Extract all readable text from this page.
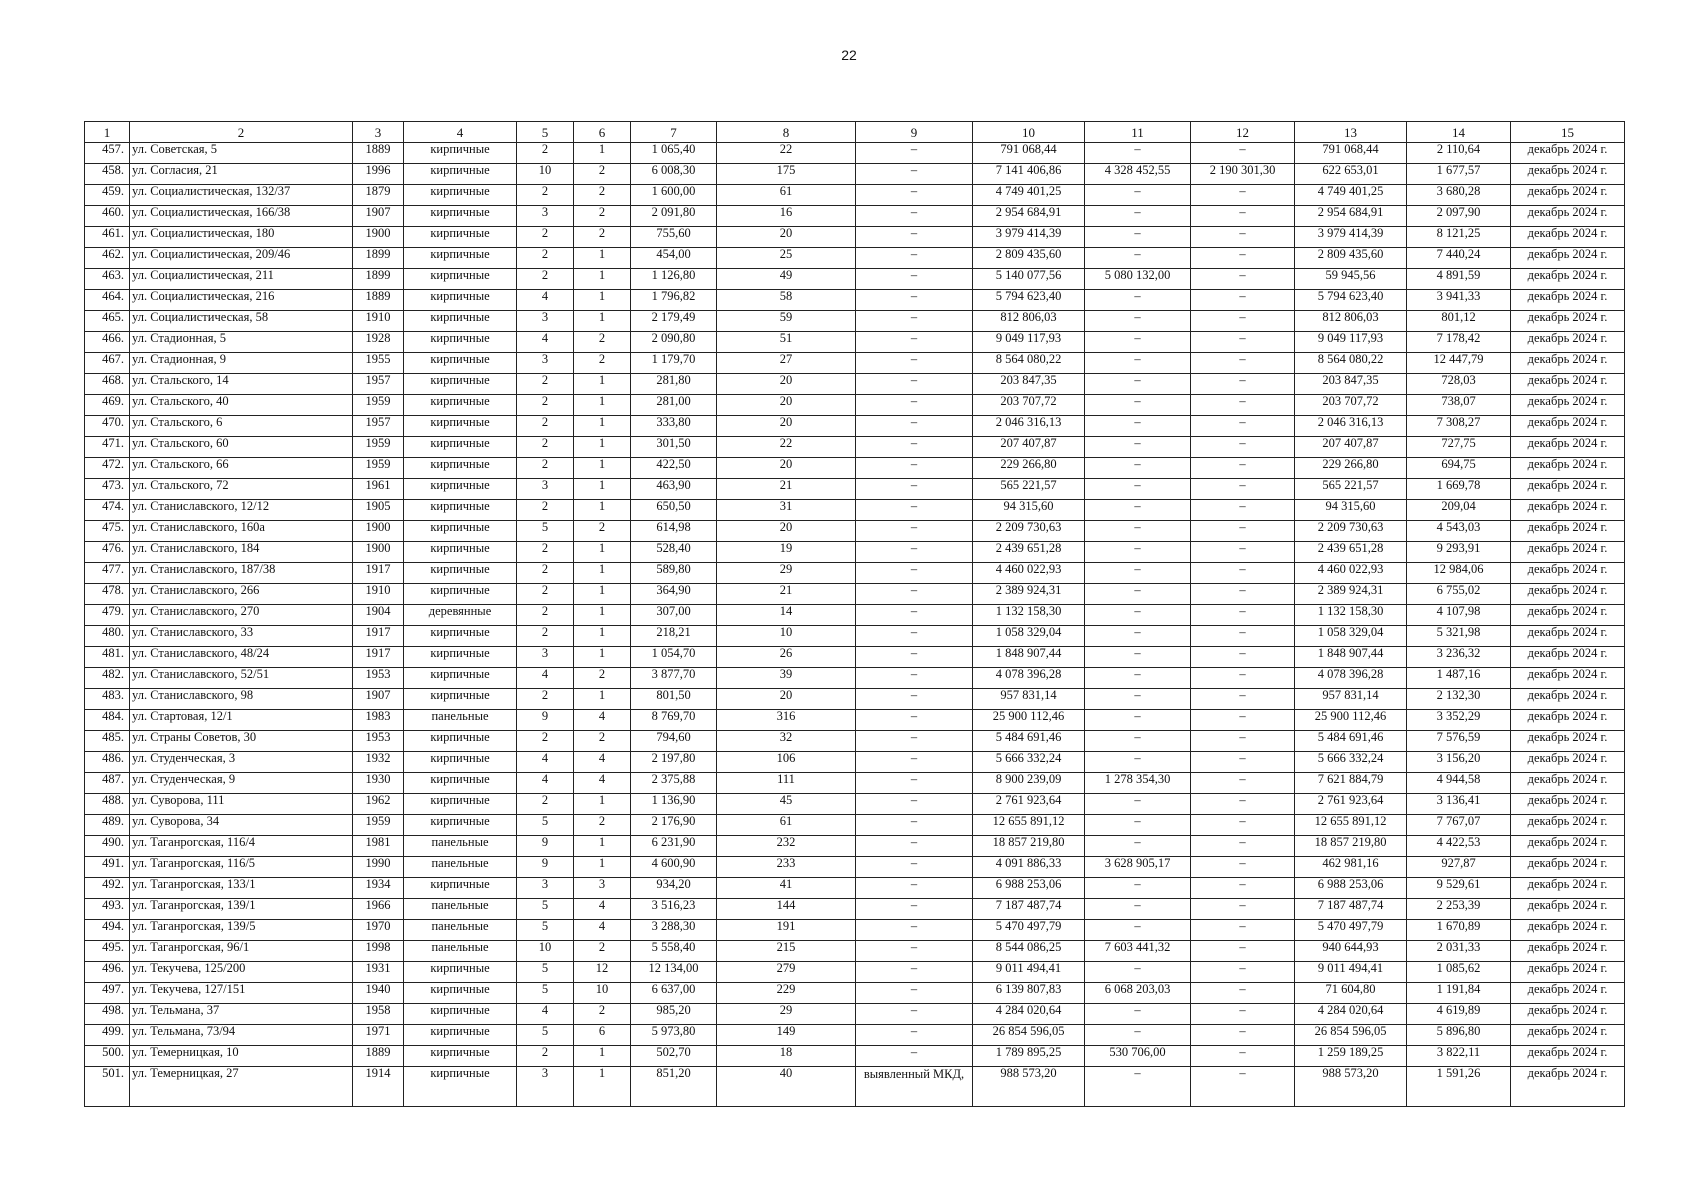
22
1	2	3	4	5	6	7	8	9	10	11	12	13	14	15
457.	ул. Советская, 5	1889	кирпичные	2	1	1 065,40	22	–	791 068,44	–	–	791 068,44	2 110,64	декабрь 2024 г.
458.	ул. Согласия, 21	1996	кирпичные	10	2	6 008,30	175	–	7 141 406,86	4 328 452,55	2 190 301,30	622 653,01	1 677,57	декабрь 2024 г.
459.	ул. Социалистическая, 132/37	1879	кирпичные	2	2	1 600,00	61	–	4 749 401,25	–	–	4 749 401,25	3 680,28	декабрь 2024 г.
460.	ул. Социалистическая, 166/38	1907	кирпичные	3	2	2 091,80	16	–	2 954 684,91	–	–	2 954 684,91	2 097,90	декабрь 2024 г.
461.	ул. Социалистическая, 180	1900	кирпичные	2	2	755,60	20	–	3 979 414,39	–	–	3 979 414,39	8 121,25	декабрь 2024 г.
462.	ул. Социалистическая, 209/46	1899	кирпичные	2	1	454,00	25	–	2 809 435,60	–	–	2 809 435,60	7 440,24	декабрь 2024 г.
463.	ул. Социалистическая, 211	1899	кирпичные	2	1	1 126,80	49	–	5 140 077,56	5 080 132,00	–	59 945,56	4 891,59	декабрь 2024 г.
464.	ул. Социалистическая, 216	1889	кирпичные	4	1	1 796,82	58	–	5 794 623,40	–	–	5 794 623,40	3 941,33	декабрь 2024 г.
465.	ул. Социалистическая, 58	1910	кирпичные	3	1	2 179,49	59	–	812 806,03	–	–	812 806,03	801,12	декабрь 2024 г.
466.	ул. Стадионная, 5	1928	кирпичные	4	2	2 090,80	51	–	9 049 117,93	–	–	9 049 117,93	7 178,42	декабрь 2024 г.
467.	ул. Стадионная, 9	1955	кирпичные	3	2	1 179,70	27	–	8 564 080,22	–	–	8 564 080,22	12 447,79	декабрь 2024 г.
468.	ул. Стальского, 14	1957	кирпичные	2	1	281,80	20	–	203 847,35	–	–	203 847,35	728,03	декабрь 2024 г.
469.	ул. Стальского, 40	1959	кирпичные	2	1	281,00	20	–	203 707,72	–	–	203 707,72	738,07	декабрь 2024 г.
470.	ул. Стальского, 6	1957	кирпичные	2	1	333,80	20	–	2 046 316,13	–	–	2 046 316,13	7 308,27	декабрь 2024 г.
471.	ул. Стальского, 60	1959	кирпичные	2	1	301,50	22	–	207 407,87	–	–	207 407,87	727,75	декабрь 2024 г.
472.	ул. Стальского, 66	1959	кирпичные	2	1	422,50	20	–	229 266,80	–	–	229 266,80	694,75	декабрь 2024 г.
473.	ул. Стальского, 72	1961	кирпичные	3	1	463,90	21	–	565 221,57	–	–	565 221,57	1 669,78	декабрь 2024 г.
474.	ул. Станиславского, 12/12	1905	кирпичные	2	1	650,50	31	–	94 315,60	–	–	94 315,60	209,04	декабрь 2024 г.
475.	ул. Станиславского, 160а	1900	кирпичные	5	2	614,98	20	–	2 209 730,63	–	–	2 209 730,63	4 543,03	декабрь 2024 г.
476.	ул. Станиславского, 184	1900	кирпичные	2	1	528,40	19	–	2 439 651,28	–	–	2 439 651,28	9 293,91	декабрь 2024 г.
477.	ул. Станиславского, 187/38	1917	кирпичные	2	1	589,80	29	–	4 460 022,93	–	–	4 460 022,93	12 984,06	декабрь 2024 г.
478.	ул. Станиславского, 266	1910	кирпичные	2	1	364,90	21	–	2 389 924,31	–	–	2 389 924,31	6 755,02	декабрь 2024 г.
479.	ул. Станиславского, 270	1904	деревянные	2	1	307,00	14	–	1 132 158,30	–	–	1 132 158,30	4 107,98	декабрь 2024 г.
480.	ул. Станиславского, 33	1917	кирпичные	2	1	218,21	10	–	1 058 329,04	–	–	1 058 329,04	5 321,98	декабрь 2024 г.
481.	ул. Станиславского, 48/24	1917	кирпичные	3	1	1 054,70	26	–	1 848 907,44	–	–	1 848 907,44	3 236,32	декабрь 2024 г.
482.	ул. Станиславского, 52/51	1953	кирпичные	4	2	3 877,70	39	–	4 078 396,28	–	–	4 078 396,28	1 487,16	декабрь 2024 г.
483.	ул. Станиславского, 98	1907	кирпичные	2	1	801,50	20	–	957 831,14	–	–	957 831,14	2 132,30	декабрь 2024 г.
484.	ул. Стартовая, 12/1	1983	панельные	9	4	8 769,70	316	–	25 900 112,46	–	–	25 900 112,46	3 352,29	декабрь 2024 г.
485.	ул. Страны Советов, 30	1953	кирпичные	2	2	794,60	32	–	5 484 691,46	–	–	5 484 691,46	7 576,59	декабрь 2024 г.
486.	ул. Студенческая, 3	1932	кирпичные	4	4	2 197,80	106	–	5 666 332,24	–	–	5 666 332,24	3 156,20	декабрь 2024 г.
487.	ул. Студенческая, 9	1930	кирпичные	4	4	2 375,88	111	–	8 900 239,09	1 278 354,30	–	7 621 884,79	4 944,58	декабрь 2024 г.
488.	ул. Суворова, 111	1962	кирпичные	2	1	1 136,90	45	–	2 761 923,64	–	–	2 761 923,64	3 136,41	декабрь 2024 г.
489.	ул. Суворова, 34	1959	кирпичные	5	2	2 176,90	61	–	12 655 891,12	–	–	12 655 891,12	7 767,07	декабрь 2024 г.
490.	ул. Таганрогская, 116/4	1981	панельные	9	1	6 231,90	232	–	18 857 219,80	–	–	18 857 219,80	4 422,53	декабрь 2024 г.
491.	ул. Таганрогская, 116/5	1990	панельные	9	1	4 600,90	233	–	4 091 886,33	3 628 905,17	–	462 981,16	927,87	декабрь 2024 г.
492.	ул. Таганрогская, 133/1	1934	кирпичные	3	3	934,20	41	–	6 988 253,06	–	–	6 988 253,06	9 529,61	декабрь 2024 г.
493.	ул. Таганрогская, 139/1	1966	панельные	5	4	3 516,23	144	–	7 187 487,74	–	–	7 187 487,74	2 253,39	декабрь 2024 г.
494.	ул. Таганрогская, 139/5	1970	панельные	5	4	3 288,30	191	–	5 470 497,79	–	–	5 470 497,79	1 670,89	декабрь 2024 г.
495.	ул. Таганрогская, 96/1	1998	панельные	10	2	5 558,40	215	–	8 544 086,25	7 603 441,32	–	940 644,93	2 031,33	декабрь 2024 г.
496.	ул. Текучева, 125/200	1931	кирпичные	5	12	12 134,00	279	–	9 011 494,41	–	–	9 011 494,41	1 085,62	декабрь 2024 г.
497.	ул. Текучева, 127/151	1940	кирпичные	5	10	6 637,00	229	–	6 139 807,83	6 068 203,03	–	71 604,80	1 191,84	декабрь 2024 г.
498.	ул. Тельмана, 37	1958	кирпичные	4	2	985,20	29	–	4 284 020,64	–	–	4 284 020,64	4 619,89	декабрь 2024 г.
499.	ул. Тельмана, 73/94	1971	кирпичные	5	6	5 973,80	149	–	26 854 596,05	–	–	26 854 596,05	5 896,80	декабрь 2024 г.
500.	ул. Темерницкая, 10	1889	кирпичные	2	1	502,70	18	–	1 789 895,25	530 706,00	–	1 259 189,25	3 822,11	декабрь 2024 г.
501.	ул. Темерницкая, 27	1914	кирпичные	3	1	851,20	40	выявленный МКД,	988 573,20	–	–	988 573,20	1 591,26	декабрь 2024 г.
